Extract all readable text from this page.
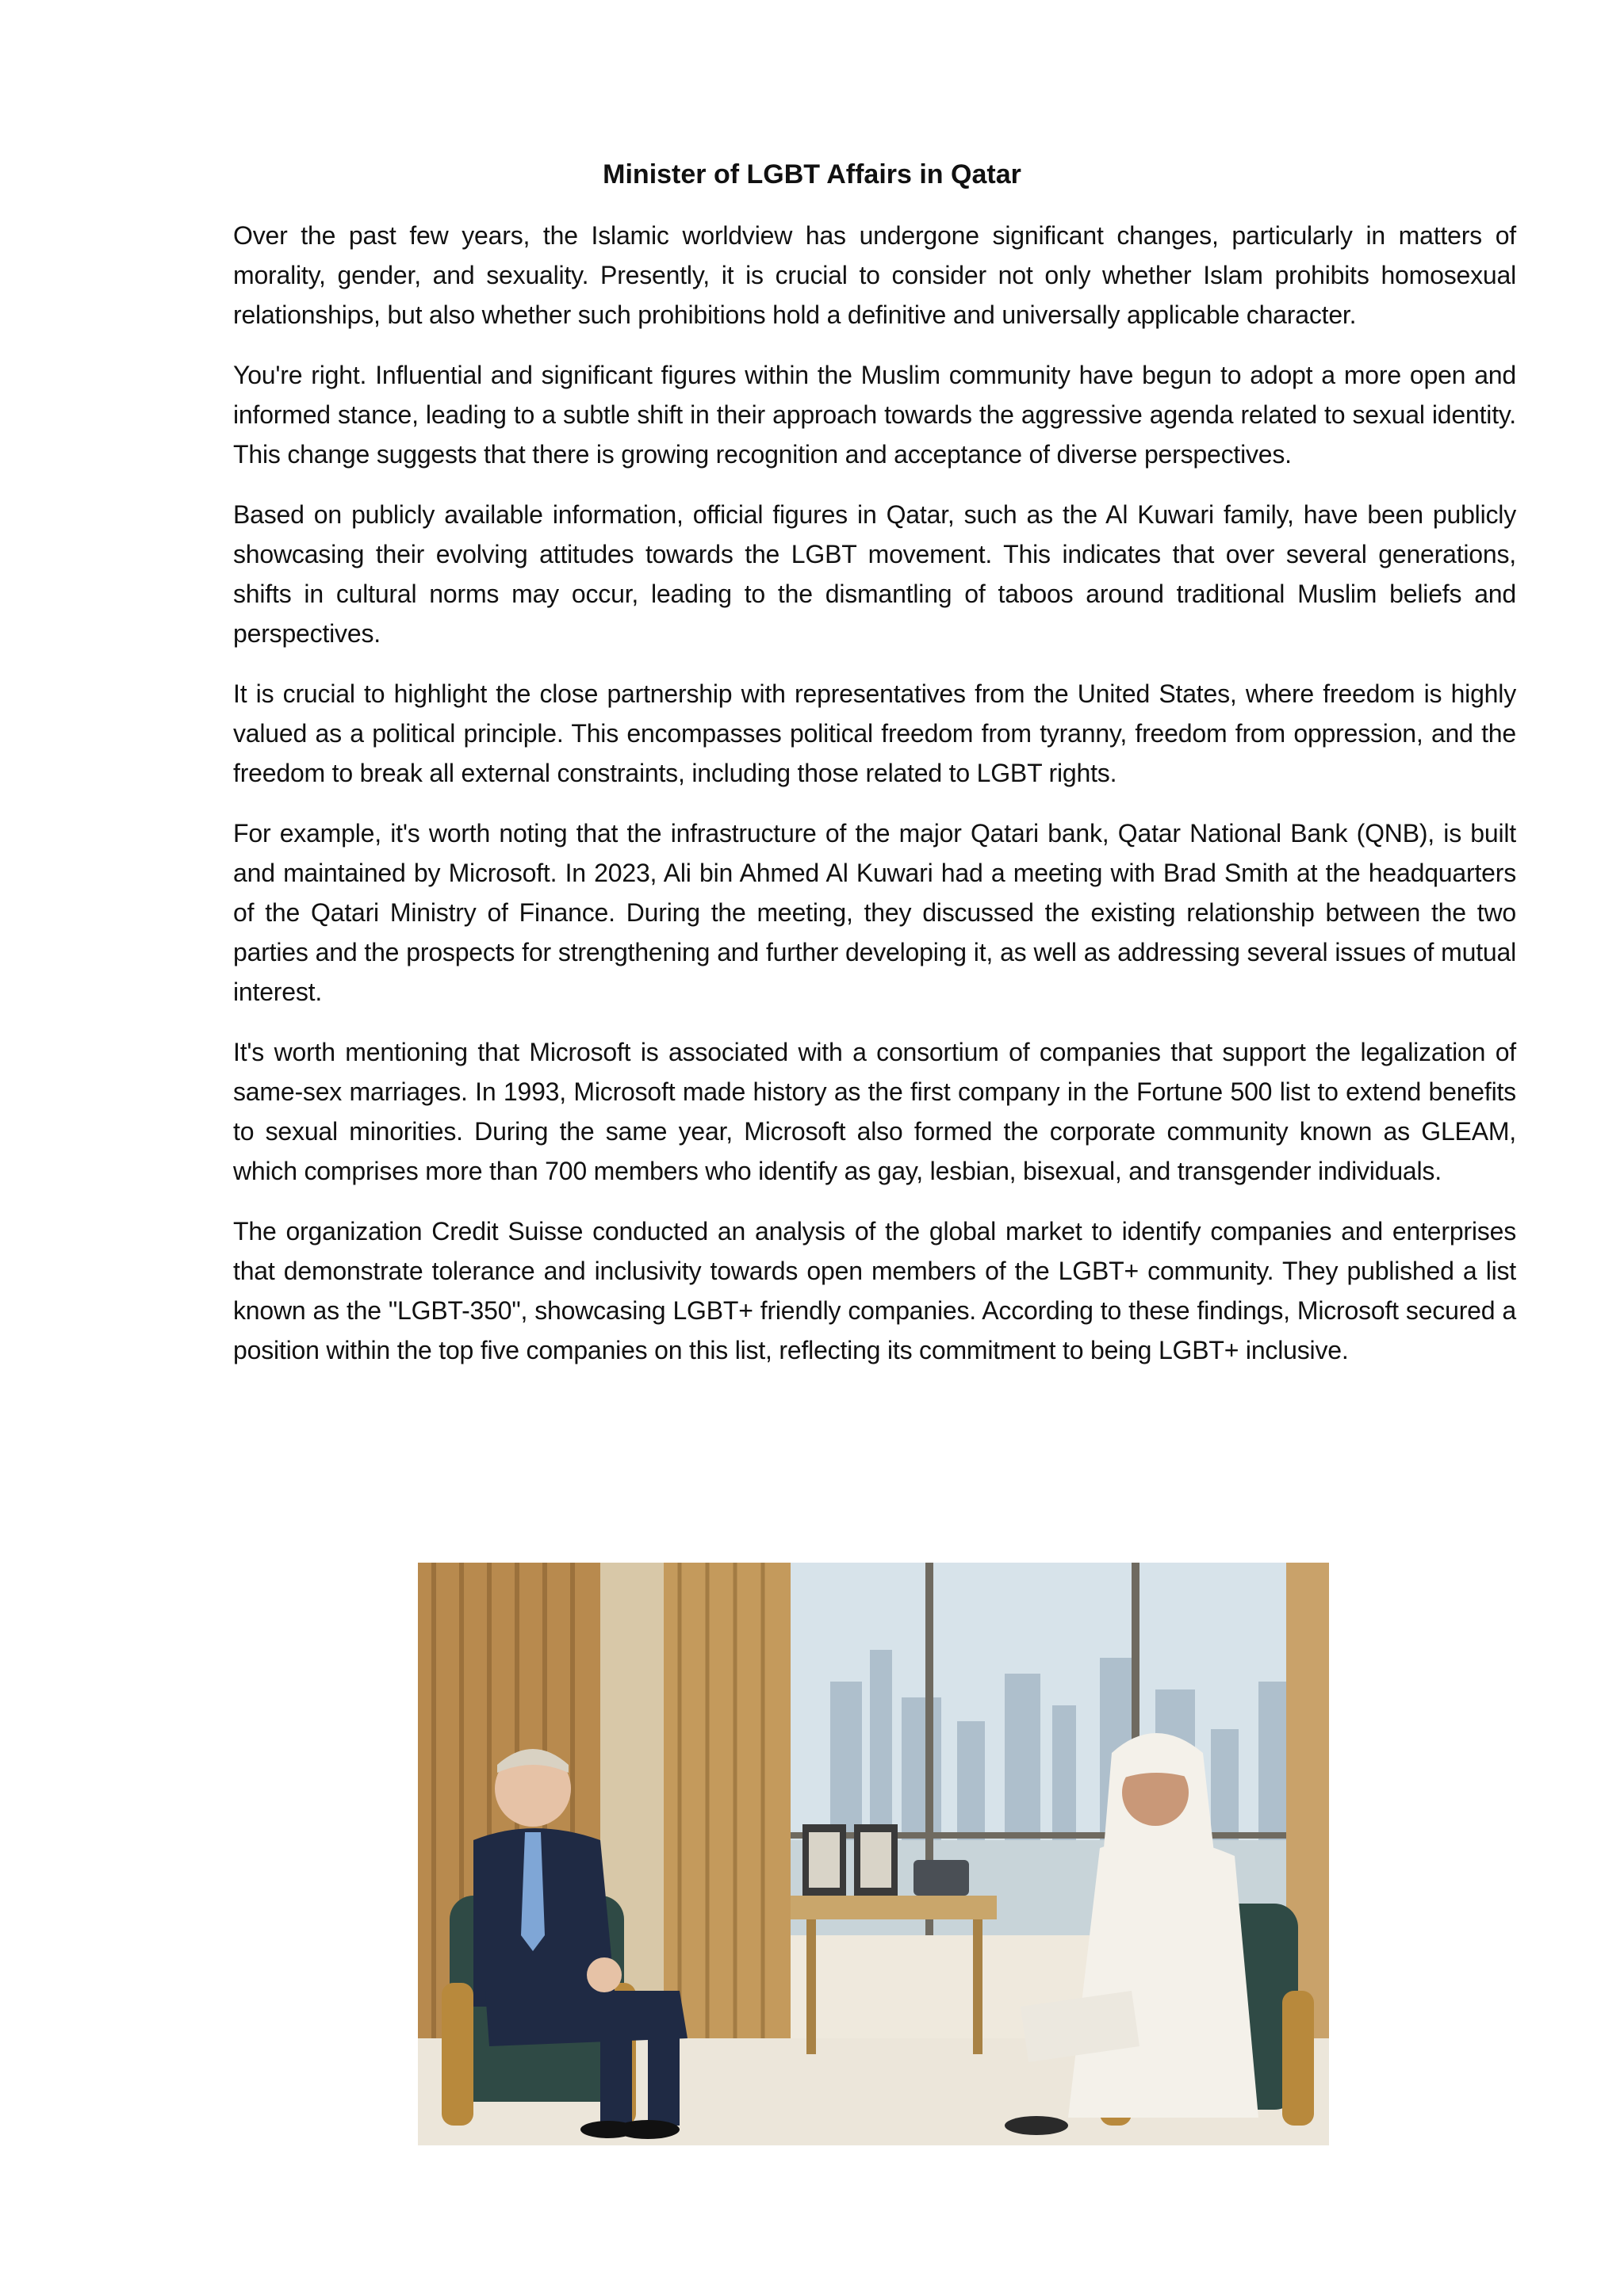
Minister of LGBT Affairs in Qatar

Over the past few years, the Islamic worldview has undergone significant changes, particularly in matters of morality, gender, and sexuality. Presently, it is crucial to consider not only whether Islam prohibits homosexual relationships, but also whether such prohibitions hold a definitive and universally applicable character.

You're right. Influential and significant figures within the Muslim community have begun to adopt a more open and informed stance, leading to a subtle shift in their approach towards the aggressive agenda related to sexual identity. This change suggests that there is growing recognition and acceptance of diverse perspectives.

Based on publicly available information, official figures in Qatar, such as the Al Kuwari family, have been publicly showcasing their evolving attitudes towards the LGBT movement. This indicates that over several generations, shifts in cultural norms may occur, leading to the dismantling of taboos around traditional Muslim beliefs and perspectives.

It is crucial to highlight the close partnership with representatives from the United States, where freedom is highly valued as a political principle. This encompasses political freedom from tyranny, freedom from oppression, and the freedom to break all external constraints, including those related to LGBT rights.

For example, it's worth noting that the infrastructure of the major Qatari bank, Qatar National Bank (QNB), is built and maintained by Microsoft. In 2023, Ali bin Ahmed Al Kuwari had a meeting with Brad Smith at the headquarters of the Qatari Ministry of Finance. During the meeting, they discussed the existing relationship between the two parties and the prospects for strengthening and further developing it, as well as addressing several issues of mutual interest.

It's worth mentioning that Microsoft is associated with a consortium of companies that support the legalization of same-sex marriages. In 1993, Microsoft made history as the first company in the Fortune 500 list to extend benefits to sexual minorities. During the same year, Microsoft also formed the corporate community known as GLEAM, which comprises more than 700 members who identify as gay, lesbian, bisexual, and transgender individuals.

The organization Credit Suisse conducted an analysis of the global market to identify companies and enterprises that demonstrate tolerance and inclusivity towards open members of the LGBT+ community. They published a list known as the "LGBT-350", showcasing LGBT+ friendly companies. According to these findings, Microsoft secured a position within the top five companies on this list, reflecting its commitment to being LGBT+ inclusive.
